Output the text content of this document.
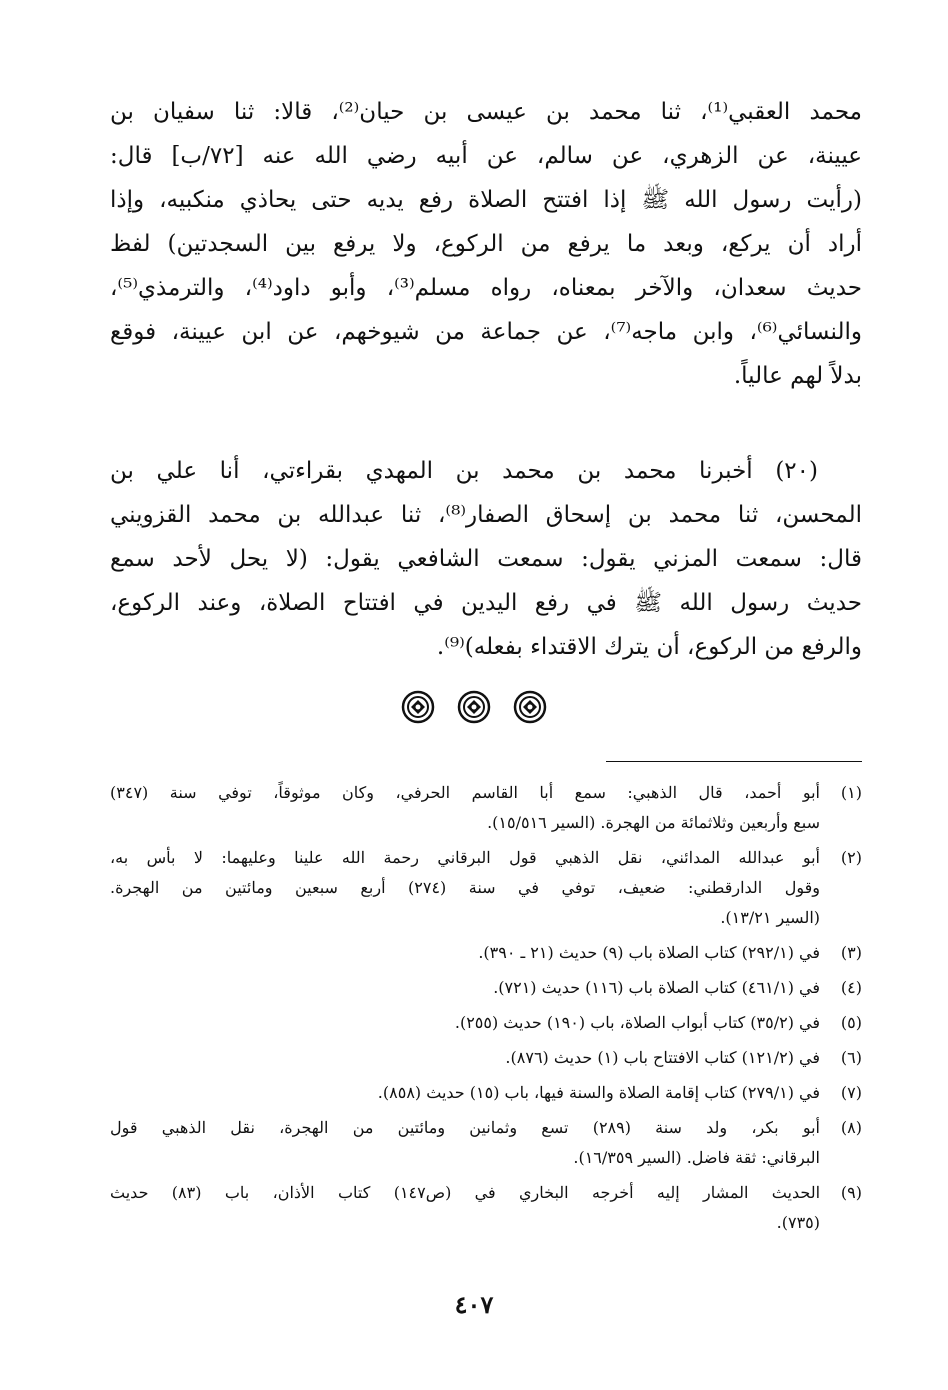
محمد العقبي⁽¹⁾، ثنا محمد بن عيسى بن حيان⁽²⁾، قالا: ثنا سفيان بن
عيينة، عن الزهري، عن سالم، عن أبيه رضي الله عنه [٧٢/ب] قال:
(رأيت رسول الله ﷺ إذا افتتح الصلاة رفع يديه حتى يحاذي منكبيه، وإذا
أراد أن يركع، وبعد ما يرفع من الركوع، ولا يرفع بين السجدتين) لفظ
حديث سعدان، والآخر بمعناه، رواه مسلم⁽³⁾، وأبو داود⁽⁴⁾، والترمذي⁽⁵⁾،
والنسائي⁽⁶⁾، وابن ماجه⁽⁷⁾، عن جماعة من شيوخهم، عن ابن عيينة، فوقع
بدلاً لهم عالياً.
(٢٠) أخبرنا محمد بن محمد بن المهدي بقراءتي، أنا علي بن
المحسن، ثنا محمد بن إسحاق الصفار⁽⁸⁾، ثنا عبدالله بن محمد القزويني
قال: سمعت المزني يقول: سمعت الشافعي يقول: (لا يحل لأحد سمع
حديث رسول الله ﷺ في رفع اليدين في افتتاح الصلاة، وعند الركوع،
والرفع من الركوع، أن يترك الاقتداء بفعله)⁽⁹⁾.
(١)
أبو أحمد، قال الذهبي: سمع أبا القاسم الحرفي، وكان موثوقاً، توفي سنة (٣٤٧)
سبع وأربعين وثلاثمائة من الهجرة. (السير ١٥/٥١٦).
(٢)
أبو عبدالله المدائني، نقل الذهبي قول البرقاني رحمة الله علينا وعليهما: لا بأس به،
وقول الدارقطني: ضعيف، توفي في سنة (٢٧٤) أربع سبعين ومائتين من الهجرة.
(السير ١٣/٢١).
(٣)
في (٢٩٢/١) كتاب الصلاة باب (٩) حديث (٢١ ـ ٣٩٠).
(٤)
في (٤٦١/١) كتاب الصلاة باب (١١٦) حديث (٧٢١).
(٥)
في (٣٥/٢) كتاب أبواب الصلاة، باب (١٩٠) حديث (٢٥٥).
(٦)
في (١٢١/٢) كتاب الافتتاح باب (١) حديث (٨٧٦).
(٧)
في (٢٧٩/١) كتاب إقامة الصلاة والسنة فيها، باب (١٥) حديث (٨٥٨).
(٨)
أبو بكر، ولد سنة (٢٨٩) تسع وثمانين ومائتين من الهجرة، نقل الذهبي قول
البرقاني: ثقة فاضل. (السير ١٦/٣٥٩).
(٩)
الحديث المشار إليه أخرجه البخاري في (ص١٤٧) كتاب الأذان، باب (٨٣) حديث
(٧٣٥).
٤٠٧
